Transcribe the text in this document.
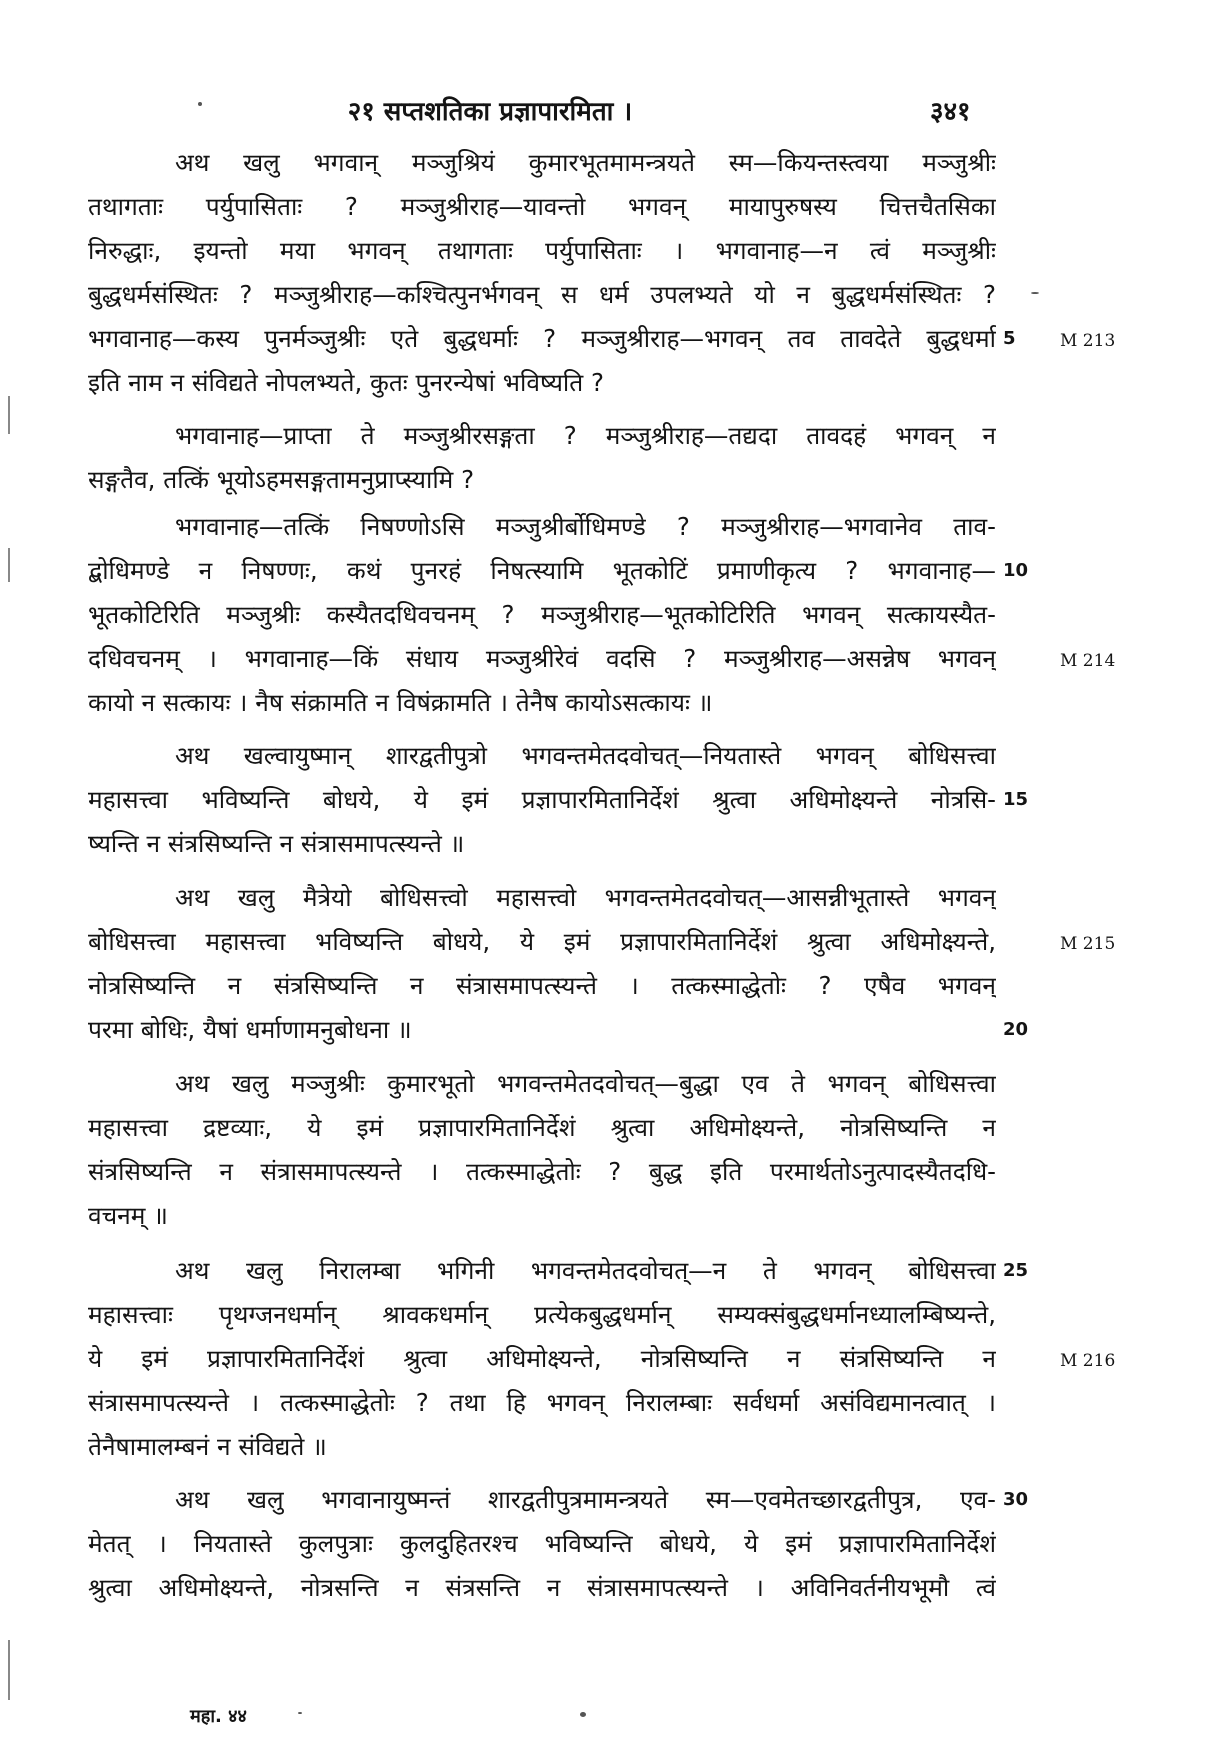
२१ सप्तशतिका प्रज्ञापारमिता ।	३४१
अथ खलु भगवान् मञ्जुश्रियं कुमारभूतमामन्त्रयते स्म—कियन्तस्त्वया मञ्जुश्रीः
तथागताः पर्युपासिताः ? मञ्जुश्रीराह—यावन्तो भगवन् मायापुरुषस्य चित्तचैतसिका
निरुद्धाः, इयन्तो मया भगवन् तथागताः पर्युपासिताः । भगवानाह—न त्वं मञ्जुश्रीः
बुद्धधर्मसंस्थितः ? मञ्जुश्रीराह—कश्चित्पुनर्भगवन् स धर्म उपलभ्यते यो न बुद्धधर्मसंस्थितः ?
भगवानाह—कस्य पुनर्मञ्जुश्रीः एते बुद्धधर्माः ? मञ्जुश्रीराह—भगवन् तव तावदेते बुद्धधर्मा
इति नाम न संविद्यते नोपलभ्यते, कुतः पुनरन्येषां भविष्यति ?
भगवानाह—प्राप्ता ते मञ्जुश्रीरसङ्गता ? मञ्जुश्रीराह—तद्यदा तावदहं भगवन् न
सङ्गतैव, तत्किं भूयोऽहमसङ्गतामनुप्राप्स्यामि ?
भगवानाह—तत्किं निषण्णोऽसि मञ्जुश्रीर्बोधिमण्डे ? मञ्जुश्रीराह—भगवानेव ताव-
द्बोधिमण्डे न निषण्णः, कथं पुनरहं निषत्स्यामि भूतकोटिं प्रमाणीकृत्य ? भगवानाह—
भूतकोटिरिति मञ्जुश्रीः कस्यैतदधिवचनम् ? मञ्जुश्रीराह—भूतकोटिरिति भगवन् सत्कायस्यैत-
दधिवचनम् । भगवानाह—किं संधाय मञ्जुश्रीरेवं वदसि ? मञ्जुश्रीराह—असन्नेष भगवन्
कायो न सत्कायः । नैष संक्रामति न विषंक्रामति । तेनैष कायोऽसत्कायः ॥
अथ खल्वायुष्मान् शारद्वतीपुत्रो भगवन्तमेतदवोचत्—नियतास्ते भगवन् बोधिसत्त्वा
महासत्त्वा भविष्यन्ति बोधये, ये इमं प्रज्ञापारमितानिर्देशं श्रुत्वा अधिमोक्ष्यन्ते नोत्रसि-
ष्यन्ति न संत्रसिष्यन्ति न संत्रासमापत्स्यन्ते ॥
अथ खलु मैत्रेयो बोधिसत्त्वो महासत्त्वो भगवन्तमेतदवोचत्—आसन्नीभूतास्ते भगवन्
बोधिसत्त्वा महासत्त्वा भविष्यन्ति बोधये, ये इमं प्रज्ञापारमितानिर्देशं श्रुत्वा अधिमोक्ष्यन्ते,
नोत्रसिष्यन्ति न संत्रसिष्यन्ति न संत्रासमापत्स्यन्ते । तत्कस्माद्धेतोः ? एषैव भगवन्
परमा बोधिः, यैषां धर्माणामनुबोधना ॥
अथ खलु मञ्जुश्रीः कुमारभूतो भगवन्तमेतदवोचत्—बुद्धा एव ते भगवन् बोधिसत्त्वा
महासत्त्वा द्रष्टव्याः, ये इमं प्रज्ञापारमितानिर्देशं श्रुत्वा अधिमोक्ष्यन्ते, नोत्रसिष्यन्ति न
संत्रसिष्यन्ति न संत्रासमापत्स्यन्ते । तत्कस्माद्धेतोः ? बुद्ध इति परमार्थतोऽनुत्पादस्यैतदधि-
वचनम् ॥
अथ खलु निरालम्बा भगिनी भगवन्तमेतदवोचत्—न ते भगवन् बोधिसत्त्वा
महासत्त्वाः पृथग्जनधर्मान् श्रावकधर्मान् प्रत्येकबुद्धधर्मान् सम्यक्संबुद्धधर्मानध्यालम्बिष्यन्ते,
ये इमं प्रज्ञापारमितानिर्देशं श्रुत्वा अधिमोक्ष्यन्ते, नोत्रसिष्यन्ति न संत्रसिष्यन्ति न
संत्रासमापत्स्यन्ते । तत्कस्माद्धेतोः ? तथा हि भगवन् निरालम्बाः सर्वधर्मा असंविद्यमानत्वात् ।
तेनैषामालम्बनं न संविद्यते ॥
अथ खलु भगवानायुष्मन्तं शारद्वतीपुत्रमामन्त्रयते स्म—एवमेतच्छारद्वतीपुत्र, एव-
मेतत् । नियतास्ते कुलपुत्राः कुलदुहितरश्च भविष्यन्ति बोधये, ये इमं प्रज्ञापारमितानिर्देशं
श्रुत्वा अधिमोक्ष्यन्ते, नोत्रसन्ति न संत्रसन्ति न संत्रासमापत्स्यन्ते । अविनिवर्तनीयभूमौ त्वं
5
10
15
20
25
30
M 213
M 214
M 215
M 216
महा. ४४
